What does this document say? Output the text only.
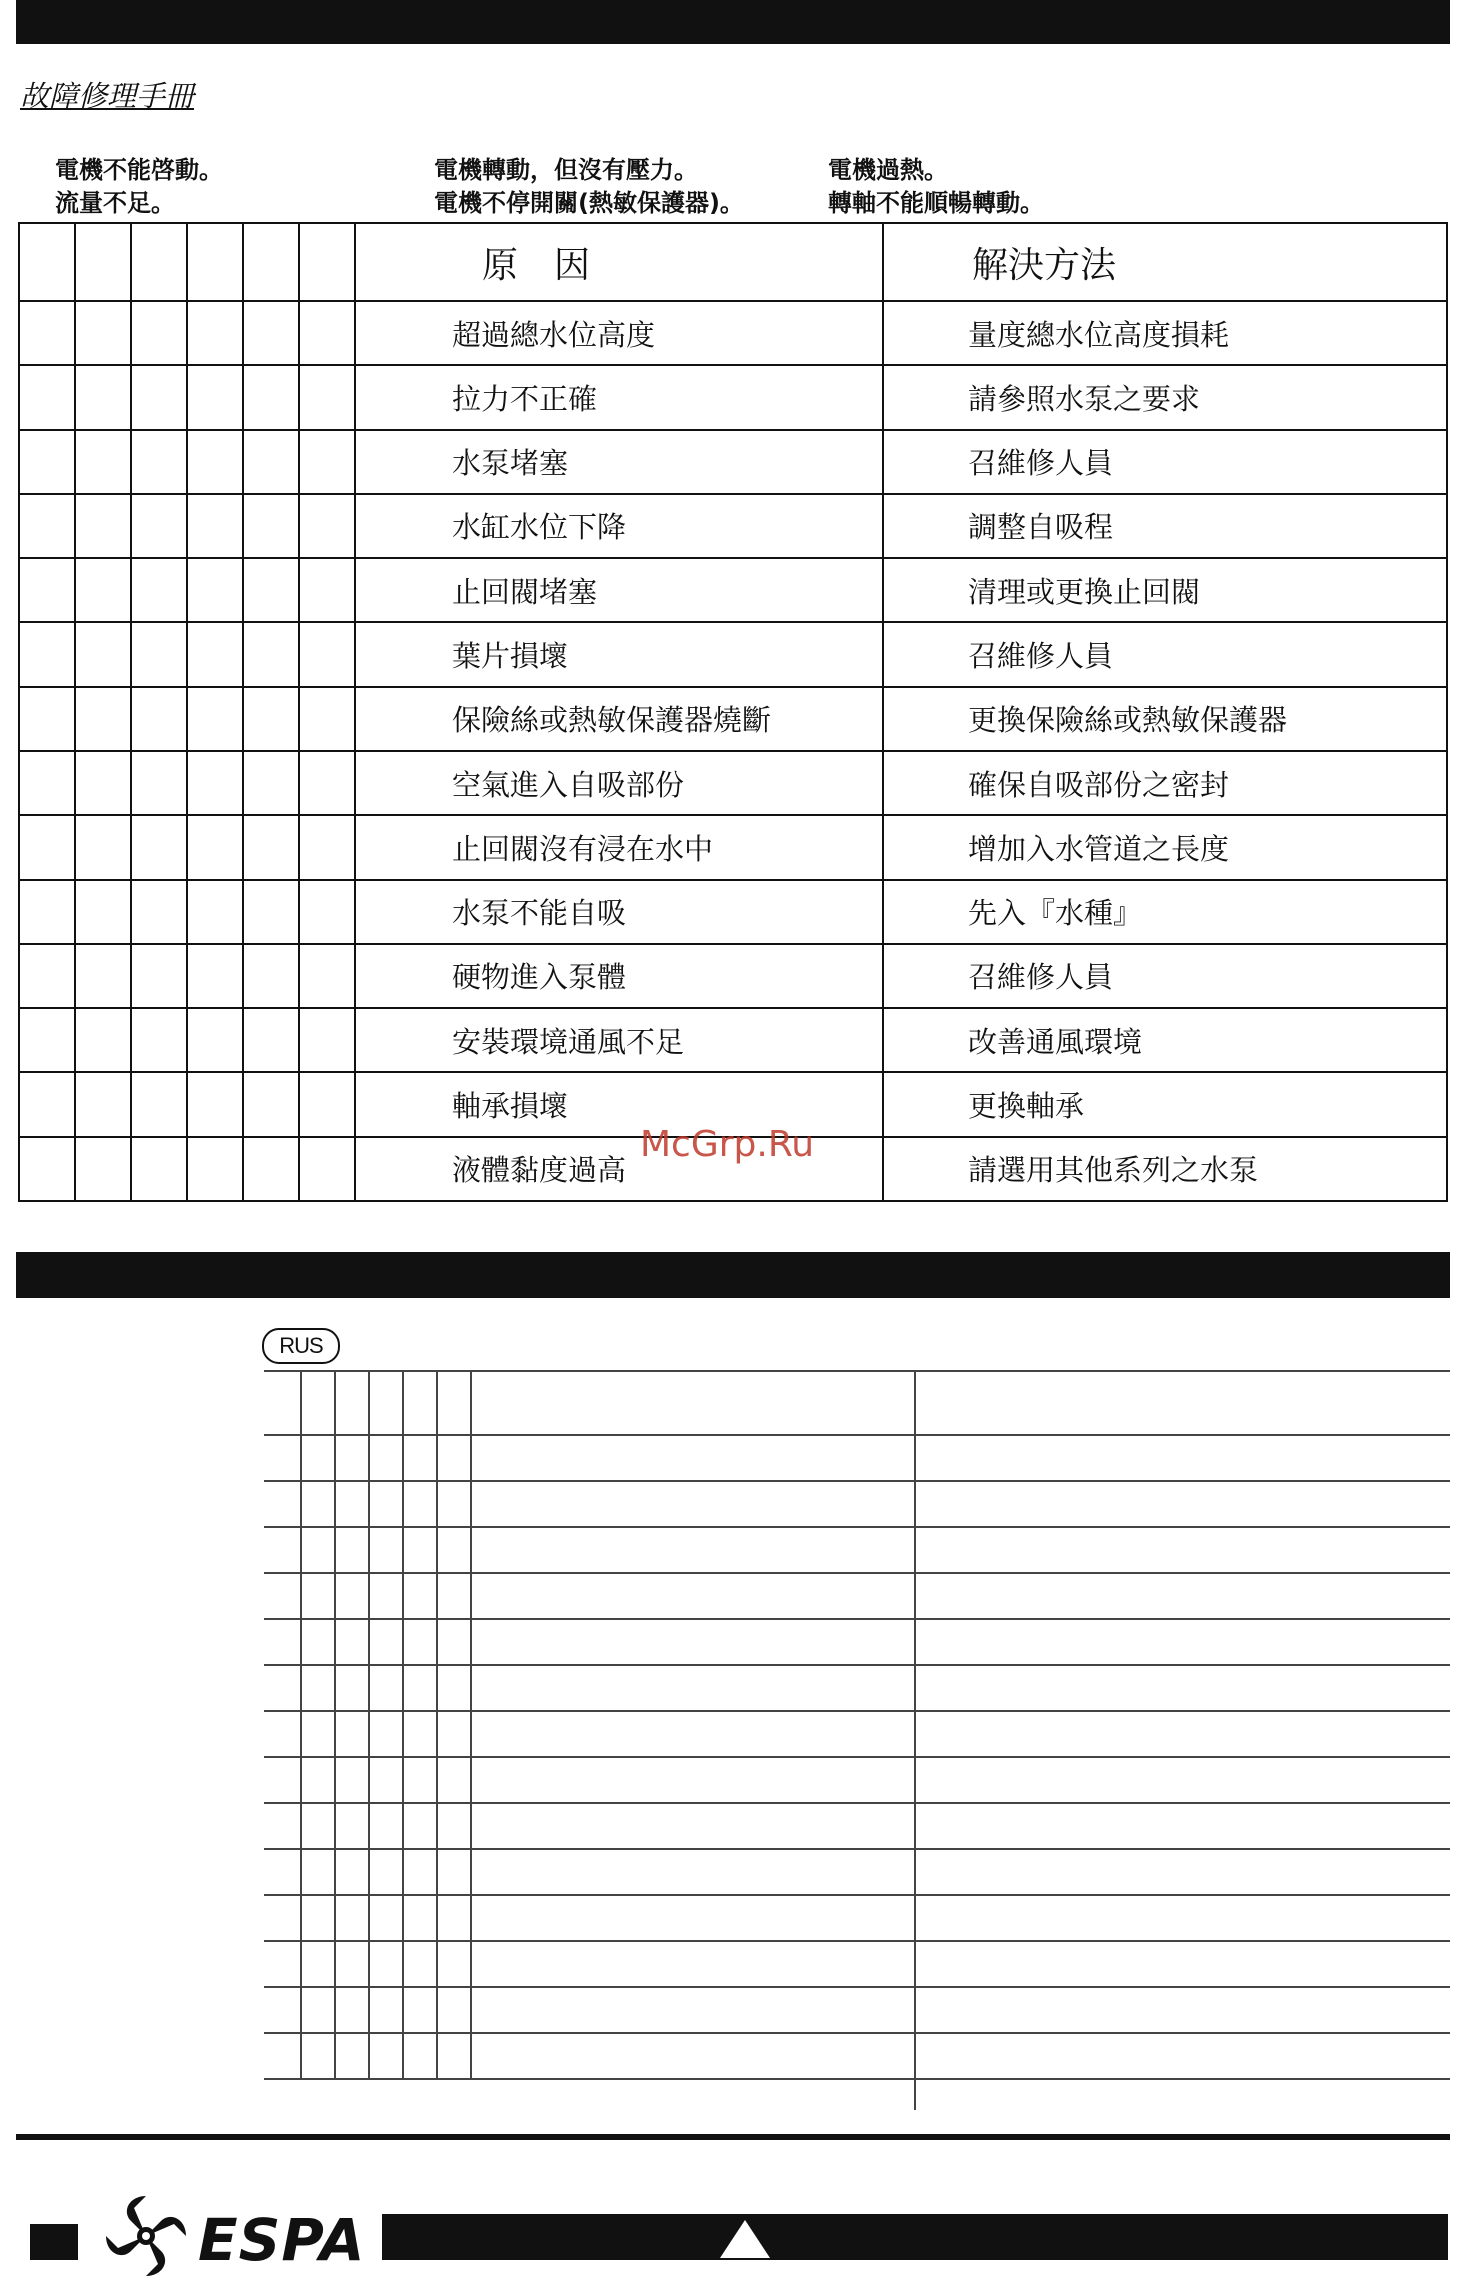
故障修理手冊
電機不能啓動。
流量不足。
電機轉動，但沒有壓力。
電機不停開關(熱敏保護器)。
電機過熱。
轉軸不能順暢轉動。
						原　因	解決方法
						超過總水位高度	量度總水位高度損耗
						拉力不正確	請參照水泵之要求
						水泵堵塞	召維修人員
						水缸水位下降	調整自吸程
						止回閥堵塞	清理或更換止回閥
						葉片損壞	召維修人員
						保險絲或熱敏保護器燒斷	更換保險絲或熱敏保護器
						空氣進入自吸部份	確保自吸部份之密封
						止回閥沒有浸在水中	增加入水管道之長度
						水泵不能自吸	先入『水種』
						硬物進入泵體	召維修人員
						安裝環境通風不足	改善通風環境
						軸承損壞	更換軸承
						液體黏度過高	請選用其他系列之水泵
McGrp.Ru
RUS
ESPA
